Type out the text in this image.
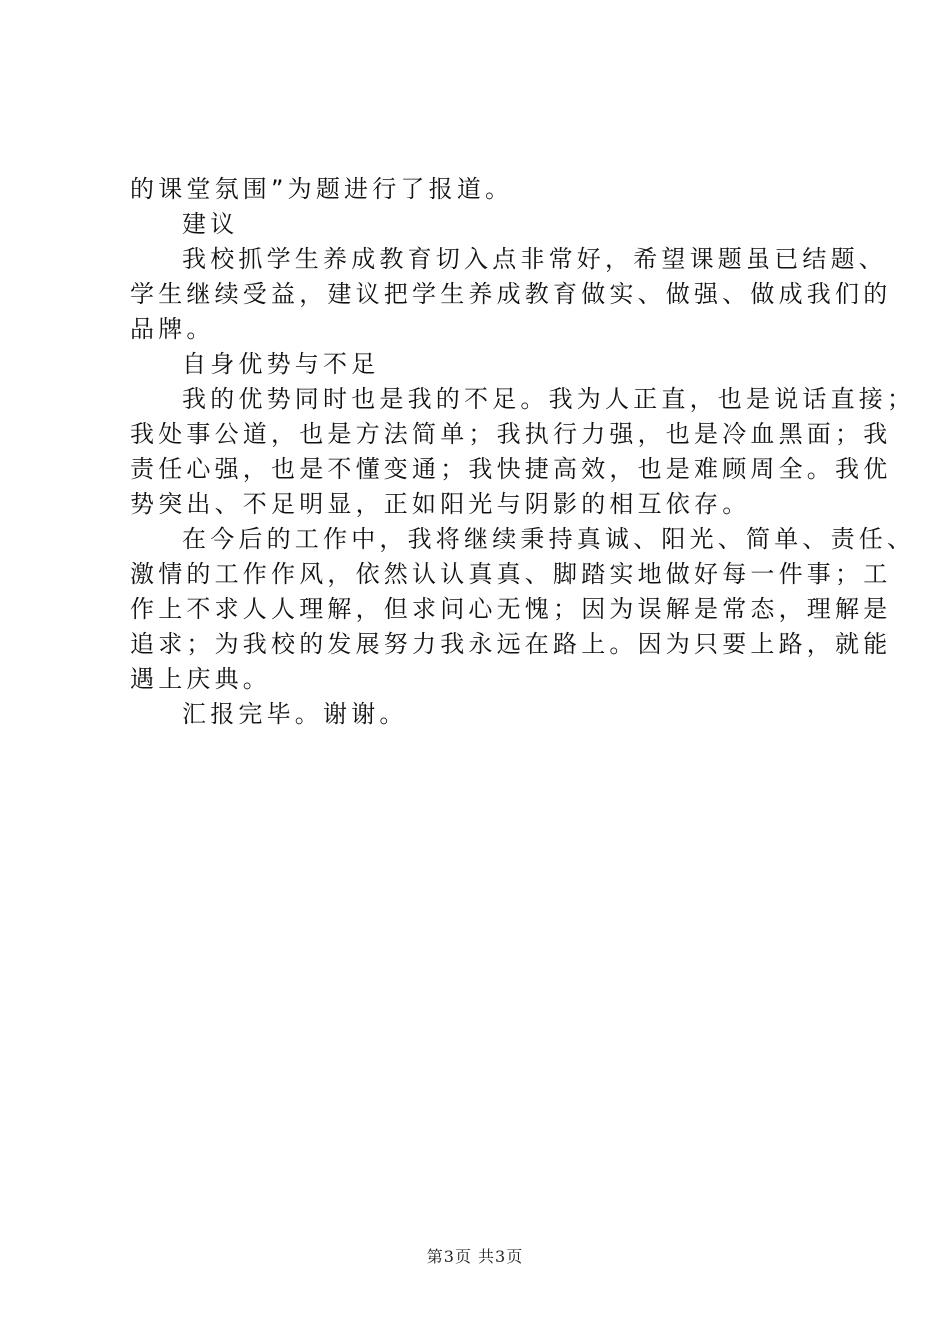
的课堂氛围”为题进行了报道。
建议
我校抓学生养成教育切入点非常好，希望课题虽已结题、
学生继续受益，建议把学生养成教育做实、做强、做成我们的
品牌。
自身优势与不足
我的优势同时也是我的不足。我为人正直，也是说话直接；
我处事公道，也是方法简单；我执行力强，也是冷血黑面；我
责任心强，也是不懂变通；我快捷高效，也是难顾周全。我优
势突出、不足明显，正如阳光与阴影的相互依存。
在今后的工作中，我将继续秉持真诚、阳光、简单、责任、
激情的工作作风，依然认认真真、脚踏实地做好每一件事；工
作上不求人人理解，但求问心无愧；因为误解是常态，理解是
追求；为我校的发展努力我永远在路上。因为只要上路，就能
遇上庆典。
汇报完毕。谢谢。
第3页 共3页
